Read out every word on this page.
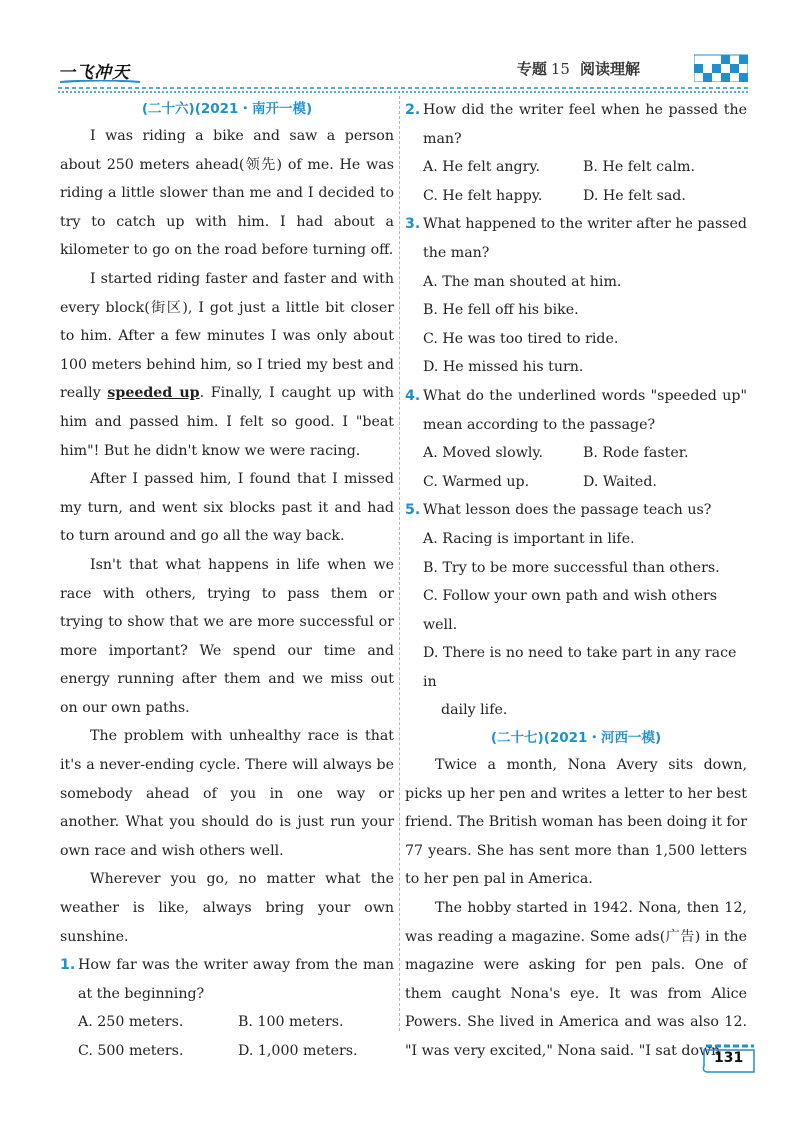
一飞冲天	专题 15 阅读理解
(二十六)(2021・南开一模)

I was riding a bike and saw a person about 250 meters ahead(领先) of me. He was riding a little slower than me and I decided to try to catch up with him. I had about a kilometer to go on the road before turning off.

I started riding faster and faster and with every block(街区), I got just a little bit closer to him. After a few minutes I was only about 100 meters behind him, so I tried my best and really speeded up. Finally, I caught up with him and passed him. I felt so good. I "beat him"! But he didn't know we were racing.

After I passed him, I found that I missed my turn, and went six blocks past it and had to turn around and go all the way back.

Isn't that what happens in life when we race with others, trying to pass them or trying to show that we are more successful or more important? We spend our time and energy running after them and we miss out on our own paths.

The problem with unhealthy race is that it's a never-ending cycle. There will always be somebody ahead of you in one way or another. What you should do is just run your own race and wish others well.

Wherever you go, no matter what the weather is like, always bring your own sunshine.

1. How far was the writer away from the man at the beginning?
A. 250 meters.	B. 100 meters.
C. 500 meters.	D. 1,000 meters.
2. How did the writer feel when he passed the man?
A. He felt angry.	B. He felt calm.
C. He felt happy.	D. He felt sad.
3. What happened to the writer after he passed the man?
A. The man shouted at him.
B. He fell off his bike.
C. He was too tired to ride.
D. He missed his turn.
4. What do the underlined words "speeded up" mean according to the passage?
A. Moved slowly.	B. Rode faster.
C. Warmed up.	D. Waited.
5. What lesson does the passage teach us?
A. Racing is important in life.
B. Try to be more successful than others.
C. Follow your own path and wish others well.
D. There is no need to take part in any race in
daily life.
(二十七)(2021・河西一模)

Twice a month, Nona Avery sits down, picks up her pen and writes a letter to her best friend. The British woman has been doing it for 77 years. She has sent more than 1,500 letters to her pen pal in America.

The hobby started in 1942. Nona, then 12, was reading a magazine. Some ads(广告) in the magazine were asking for pen pals. One of them caught Nona's eye. It was from Alice Powers. She lived in America and was also 12. "I was very excited," Nona said. "I sat down

131
